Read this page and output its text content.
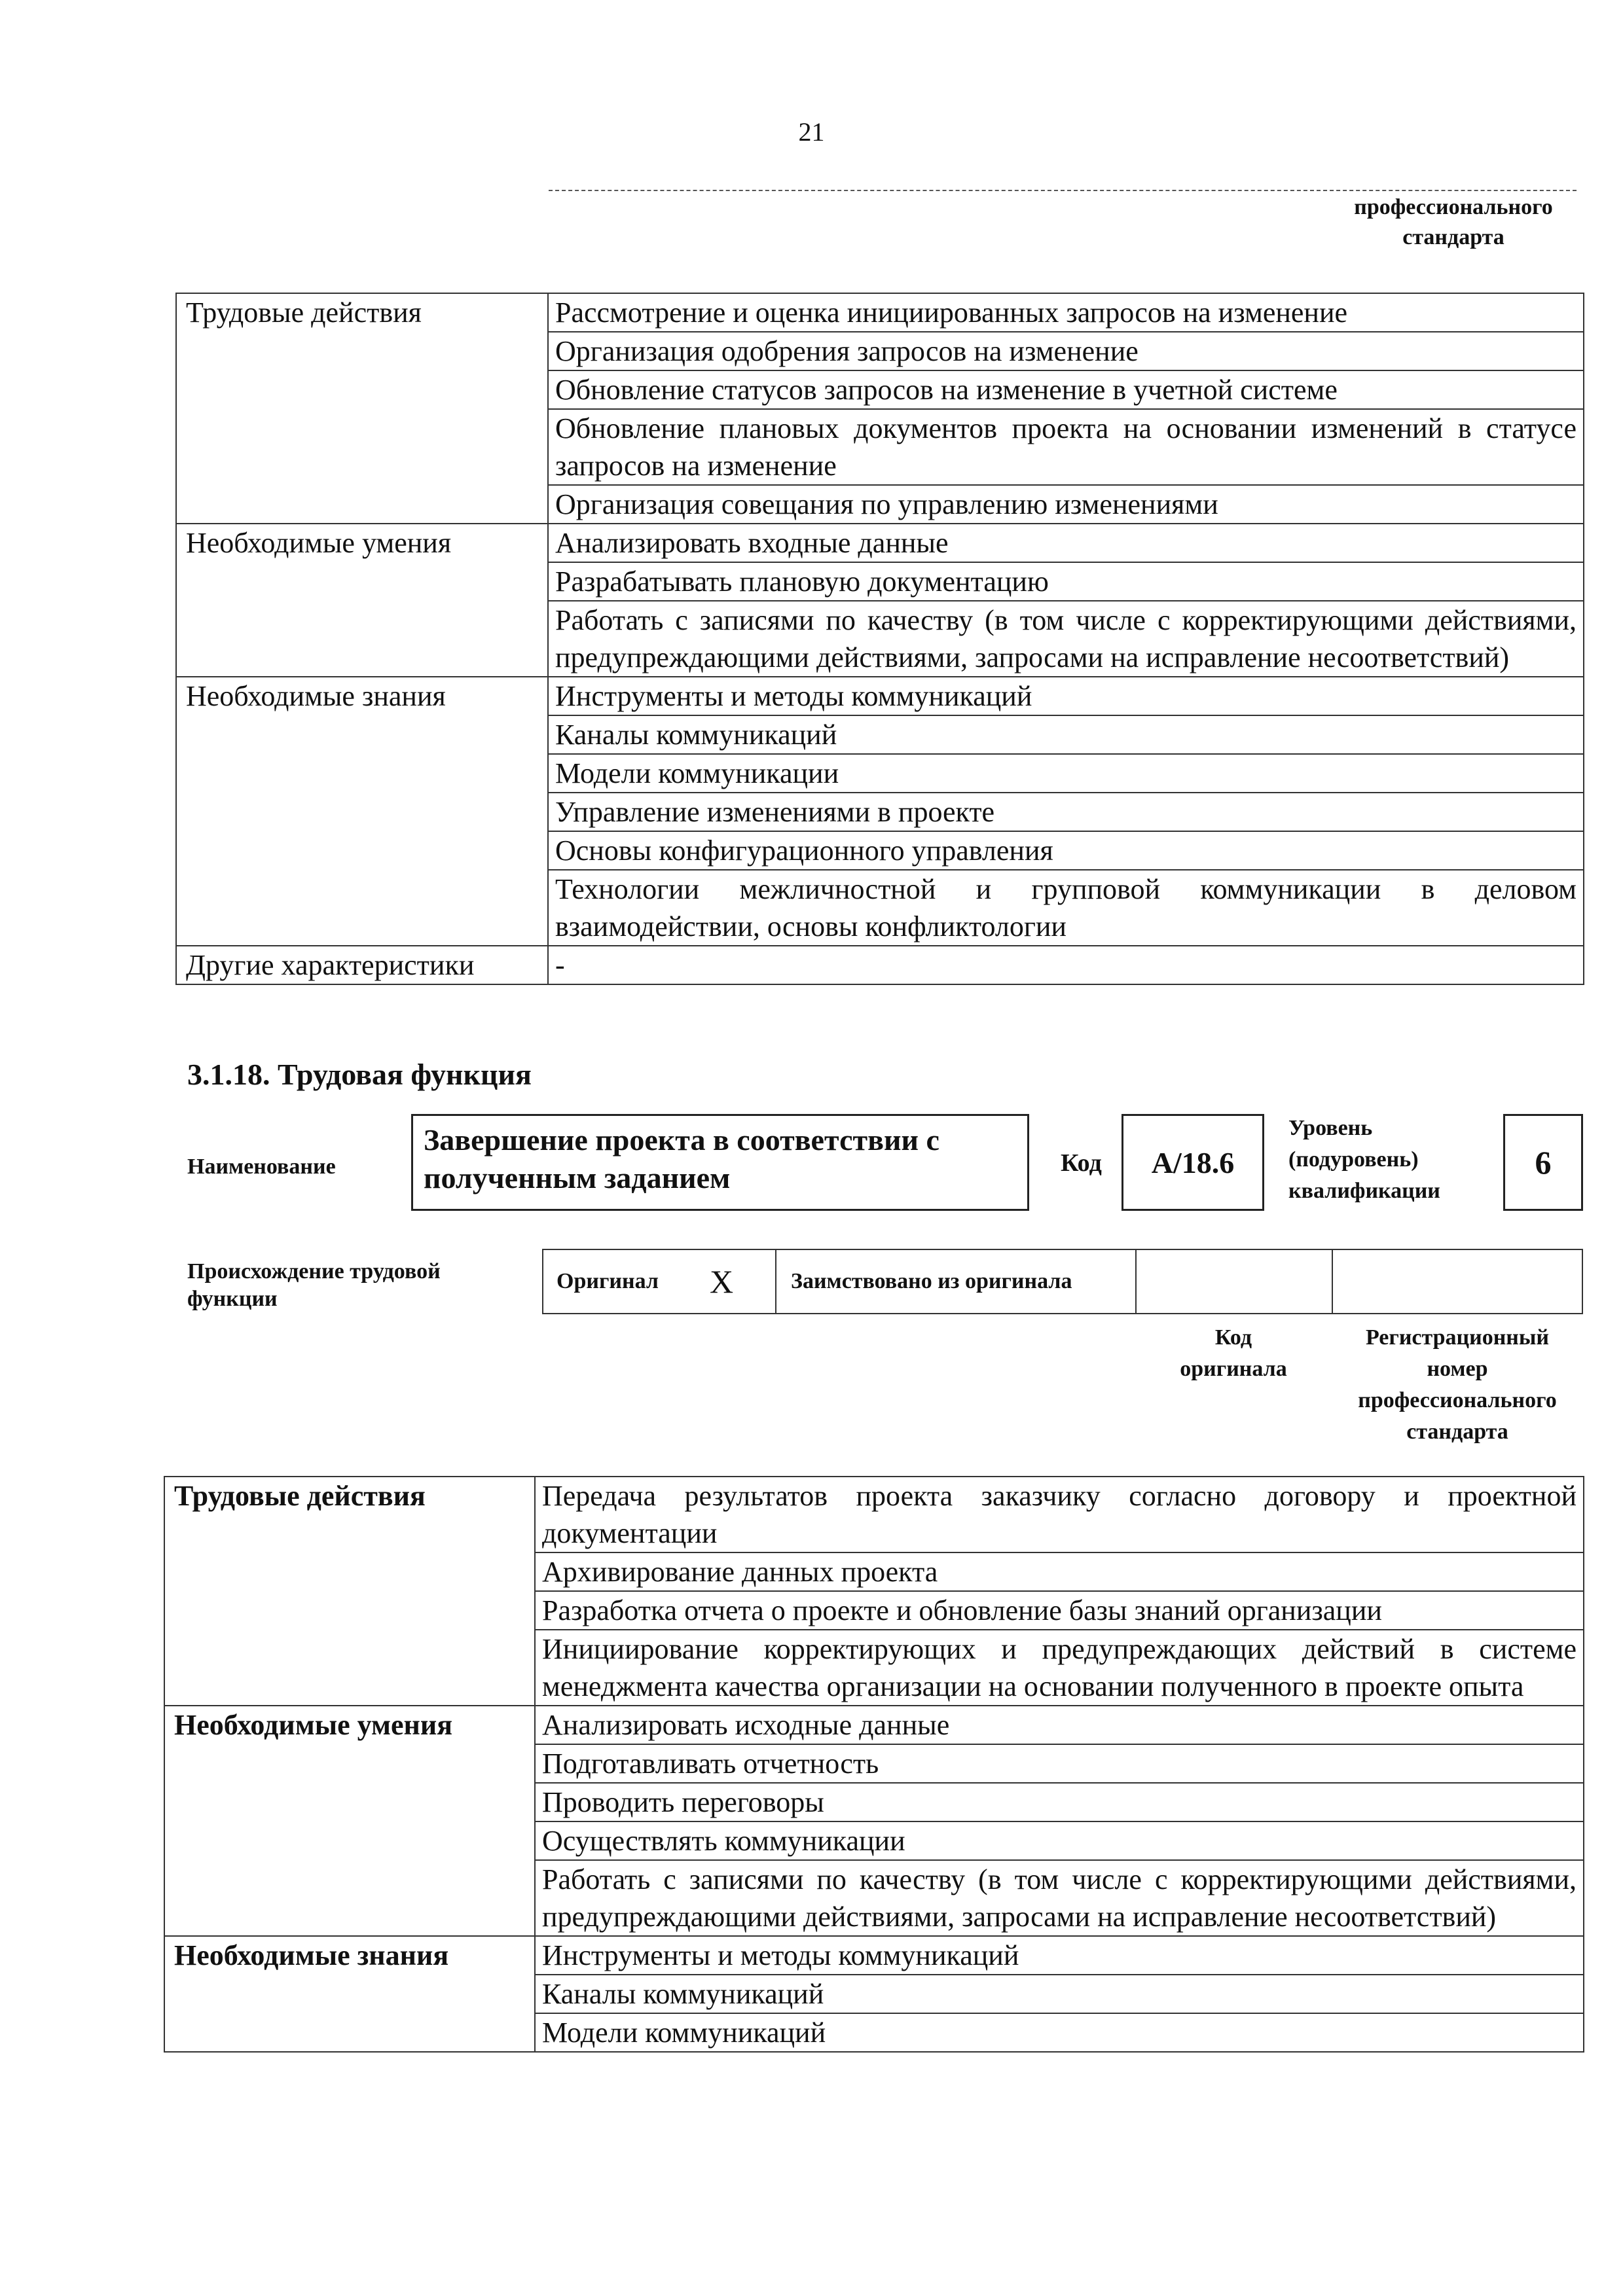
21
профессионального
стандарта
Трудовые действия	Рассмотрение и оценка инициированных запросов на изменение
	Организация одобрения запросов на изменение
	Обновление статусов запросов на изменение в учетной системе
	Обновление плановых документов проекта на основании изменений в статусе запросов на изменение
	Организация совещания по управлению изменениями
Необходимые умения	Анализировать входные данные
	Разрабатывать плановую документацию
	Работать с записями по качеству (в том числе с корректирующими действиями, предупреждающими действиями, запросами на исправление несоответствий)
Необходимые знания	Инструменты и методы коммуникаций
	Каналы коммуникаций
	Модели коммуникации
	Управление изменениями в проекте
	Основы конфигурационного управления
	Технологии межличностной и групповой коммуникации в деловом взаимодействии, основы конфликтологии
Другие характеристики	-
3.1.18. Трудовая функция
Наименование
Завершение проекта в соответствии с полученным заданием	Код	А/18.6
Уровень
(подуровень)
квалификации
6
Происхождение трудовой функции
Оригинал X	Заимствовано из оригинала
Код
оригинала
Регистрационный
номер
профессионального
стандарта
Трудовые действия	Передача результатов проекта заказчику согласно договору и проектной документации
	Архивирование данных проекта
	Разработка отчета о проекте и обновление базы знаний организации
	Инициирование корректирующих и предупреждающих действий в системе менеджмента качества организации на основании полученного в проекте опыта
Необходимые умения	Анализировать исходные данные
	Подготавливать отчетность
	Проводить переговоры
	Осуществлять коммуникации
	Работать с записями по качеству (в том числе с корректирующими действиями, предупреждающими действиями, запросами на исправление несоответствий)
Необходимые знания	Инструменты и методы коммуникаций
	Каналы коммуникаций
	Модели коммуникаций
